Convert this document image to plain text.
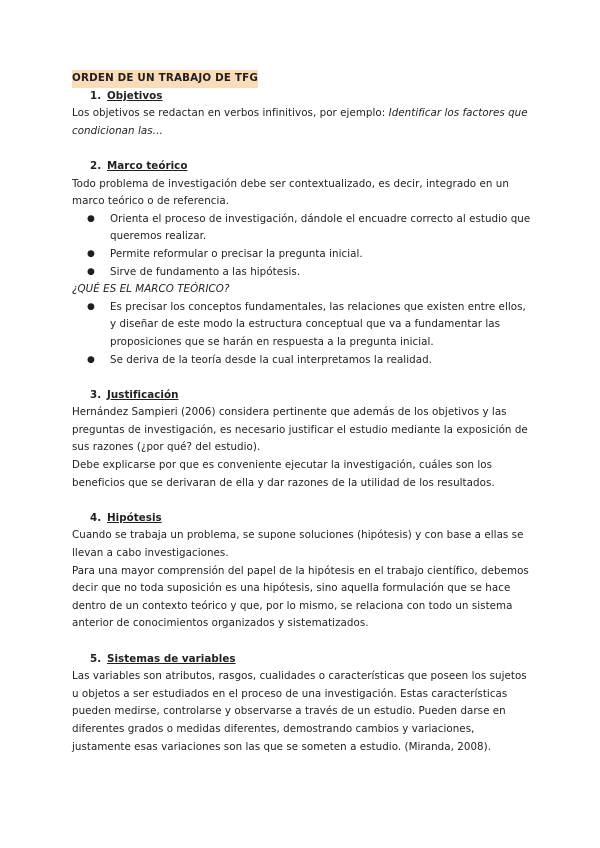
ORDEN DE UN TRABAJO DE TFG
1. Objetivos

Los objetivos se redactan en verbos infinitivos, por ejemplo: Identificar los factores que condicionan las…

2. Marco teórico

Todo problema de investigación debe ser contextualizado, es decir, integrado en un marco teórico o de referencia.

● Orienta el proceso de investigación, dándole el encuadre correcto al estudio que queremos realizar.
● Permite reformular o precisar la pregunta inicial.
● Sirve de fundamento a las hipótesis.

¿QUÉ ES EL MARCO TEÓRICO?

● Es precisar los conceptos fundamentales, las relaciones que existen entre ellos, y diseñar de este modo la estructura conceptual que va a fundamentar las proposiciones que se harán en respuesta a la pregunta inicial.
● Se deriva de la teoría desde la cual interpretamos la realidad.
3. Justificación

Hernández Sampieri (2006) considera pertinente que además de los objetivos y las preguntas de investigación, es necesario justificar el estudio mediante la exposición de sus razones (¿por qué? del estudio).

Debe explicarse por que es conveniente ejecutar la investigación, cuáles son los beneficios que se derivaran de ella y dar razones de la utilidad de los resultados.

4. Hipótesis

Cuando se trabaja un problema, se supone soluciones (hipótesis) y con base a ellas se llevan a cabo investigaciones.

Para una mayor comprensión del papel de la hipótesis en el trabajo científico, debemos decir que no toda suposición es una hipótesis, sino aquella formulación que se hace dentro de un contexto teórico y que, por lo mismo, se relaciona con todo un sistema anterior de conocimientos organizados y sistematizados.

5. Sistemas de variables

Las variables son atributos, rasgos, cualidades o características que poseen los sujetos u objetos a ser estudiados en el proceso de una investigación. Estas características pueden medirse, controlarse y observarse a través de un estudio. Pueden darse en diferentes grados o medidas diferentes, demostrando cambios y variaciones, justamente esas variaciones son las que se someten a estudio. (Miranda, 2008).
